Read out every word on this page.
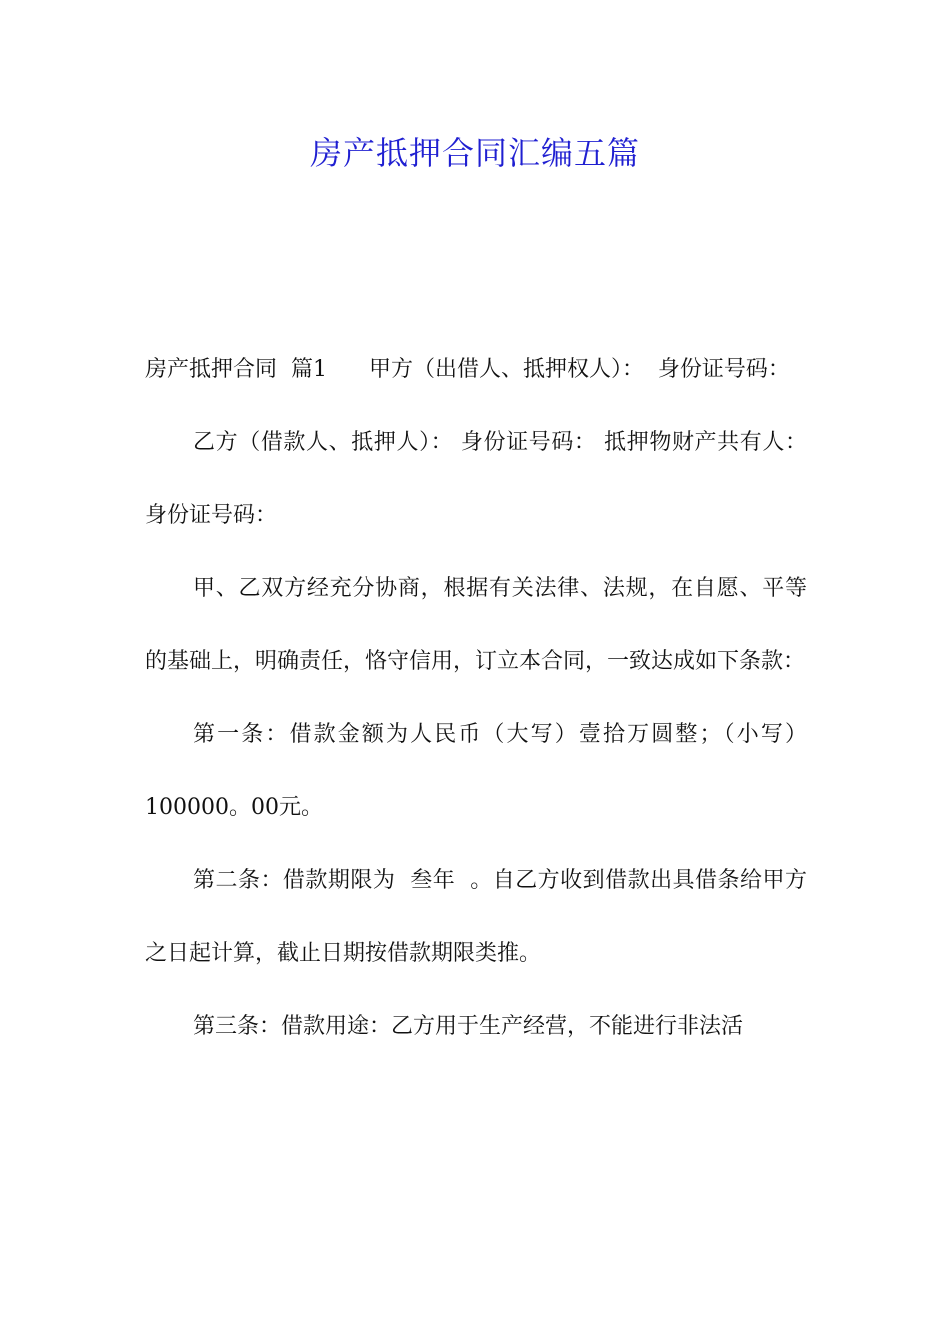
房产抵押合同汇编五篇

房产抵押合同  篇1      甲方（出借人、抵押权人）：  身份证号码：

乙方（借款人、抵押人）： 身份证号码： 抵押物财产共有人： 身份证号码：

甲、乙双方经充分协商，根据有关法律、法规，在自愿、平等的基础上，明确责任，恪守信用，订立本合同，一致达成如下条款：

第一条：借款金额为人民币（大写）壹拾万圆整；（小写）100000。00元。

第二条：借款期限为  叁年  。自乙方收到借款出具借条给甲方之日起计算，截止日期按借款期限类推。

第三条：借款用途：乙方用于生产经营，不能进行非法活
